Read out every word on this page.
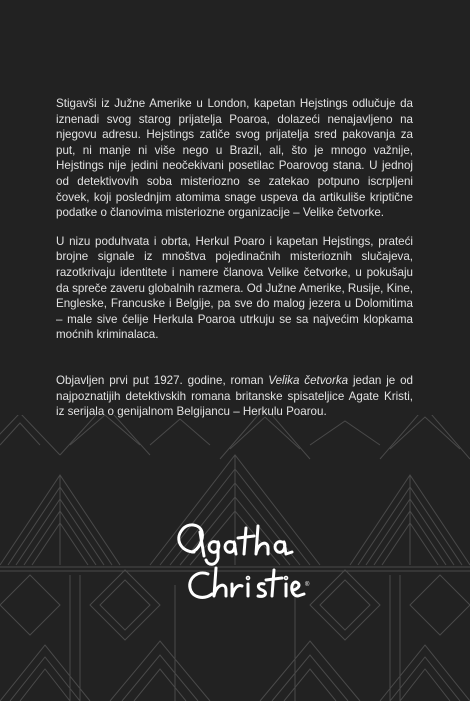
Stigavši iz Južne Amerike u London, kapetan Hejstings odlučuje da iznenadi svog starog prijatelja Poaroa, dolazeći nenajavljeno na njegovu adresu. Hejstings zatiče svog prijatelja sred pakovanja za put, ni manje ni više nego u Brazil, ali, što je mnogo važnije, Hejstings nije jedini neočekivani posetilac Poarovog stana. U jednoj od detektivovih soba misteriozno se zatekao potpuno iscrpljeni čovek, koji poslednjim atomima snage uspeva da artikuliše kriptične podatke o članovima misteriozne organizacije – Velike četvorke.

U nizu poduhvata i obrta, Herkul Poaro i kapetan Hejstings, prateći brojne signale iz mnoštva pojedinačnih misterioznih slučajeva, razotkrivaju identitete i namere članova Velike četvorke, u pokušaju da spreče zaveru globalnih razmera. Od Južne Amerike, Rusije, Kine, Engleske, Francuske i Belgije, pa sve do malog jezera u Dolomitima – male sive ćelije Herkula Poaroa utrkuju se sa najvećim klopkama moćnih kriminalaca.

Objavljen prvi put 1927. godine, roman Velika četvorka jedan je od najpoznatijih detektivskih romana britanske spisateljice Agate Kristi, iz serijala o genijalnom Belgijancu – Herkulu Poarou.

®
